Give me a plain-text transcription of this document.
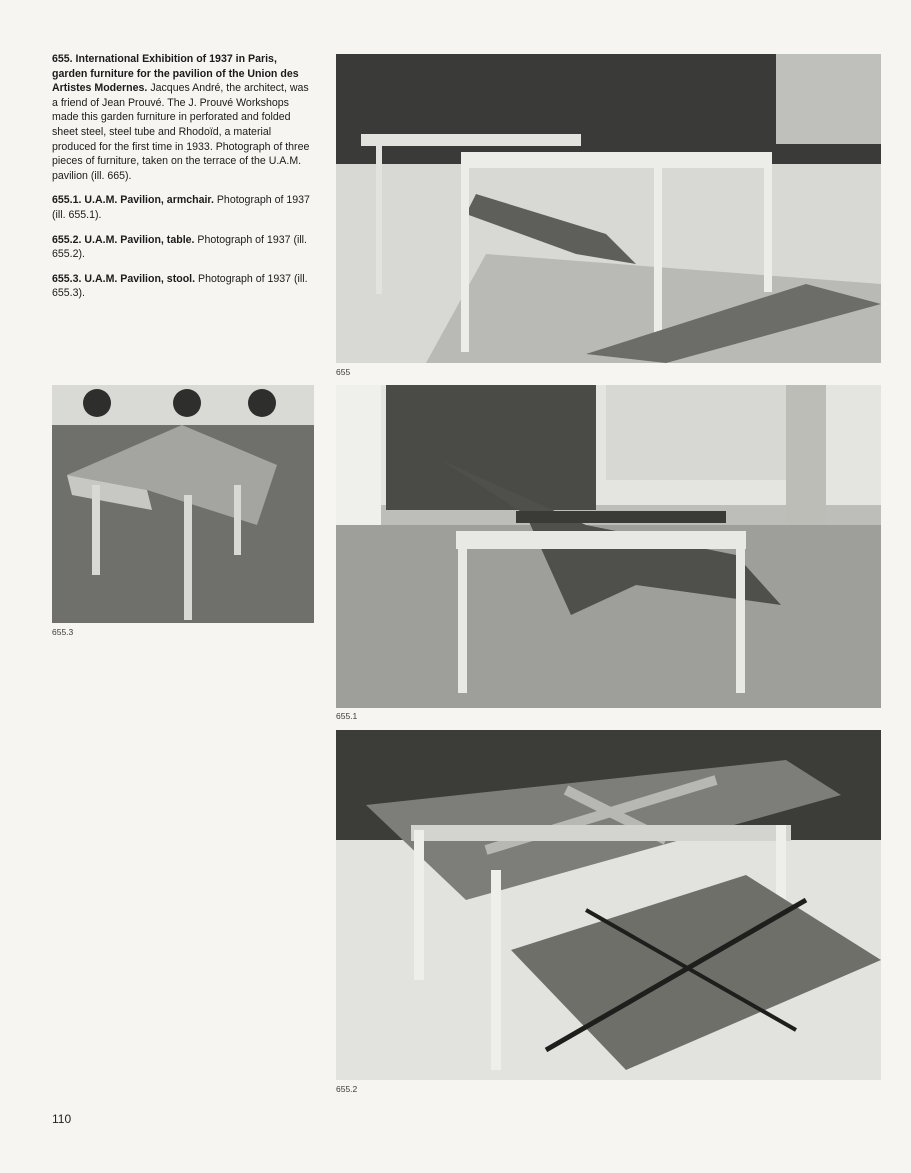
655. International Exhibition of 1937 in Paris, garden furniture for the pavilion of the Union des Artistes Modernes. Jacques André, the architect, was a friend of Jean Prouvé. The J. Prouvé Workshops made this garden furniture in perforated and folded sheet steel, steel tube and Rhodoïd, a material produced for the first time in 1933. Photograph of three pieces of furniture, taken on the terrace of the U.A.M. pavilion (ill. 665).

655.1. U.A.M. Pavilion, armchair. Photograph of 1937 (ill. 655.1).

655.2. U.A.M. Pavilion, table. Photograph of 1937 (ill. 655.2).

655.3. U.A.M. Pavilion, stool. Photograph of 1937 (ill. 655.3).

655
655.3
655.1
655.2
110
